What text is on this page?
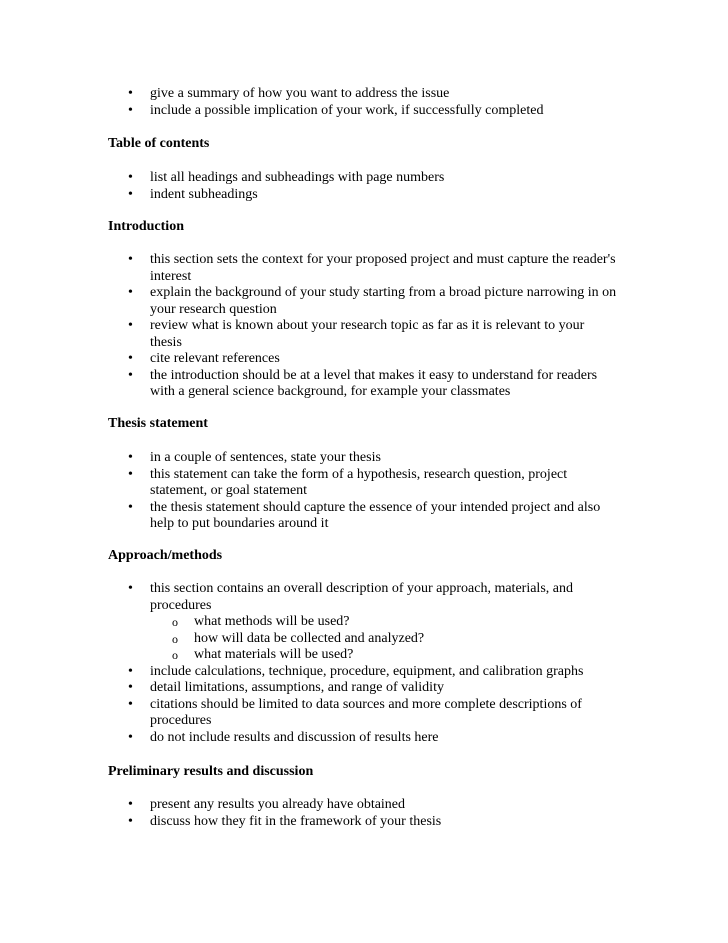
• give a summary of how you want to address the issue
• include a possible implication of your work, if successfully completed
Table of contents
• list all headings and subheadings with page numbers
• indent subheadings
Introduction
• this section sets the context for your proposed project and must capture the reader's interest
• explain the background of your study starting from a broad picture narrowing in on your research question
• review what is known about your research topic as far as it is relevant to your thesis
• cite relevant references
• the introduction should be at a level that makes it easy to understand for readers with a general science background, for example your classmates
Thesis statement
• in a couple of sentences, state your thesis
• this statement can take the form of a hypothesis, research question, project statement, or goal statement
• the thesis statement should capture the essence of your intended project and also help to put boundaries around it
Approach/methods
• this section contains an overall description of your approach, materials, and procedures
o what methods will be used?
o how will data be collected and analyzed?
o what materials will be used?
• include calculations, technique, procedure, equipment, and calibration graphs
• detail limitations, assumptions, and range of validity
• citations should be limited to data sources and more complete descriptions of procedures
• do not include results and discussion of results here
Preliminary results and discussion
• present any results you already have obtained
• discuss how they fit in the framework of your thesis
